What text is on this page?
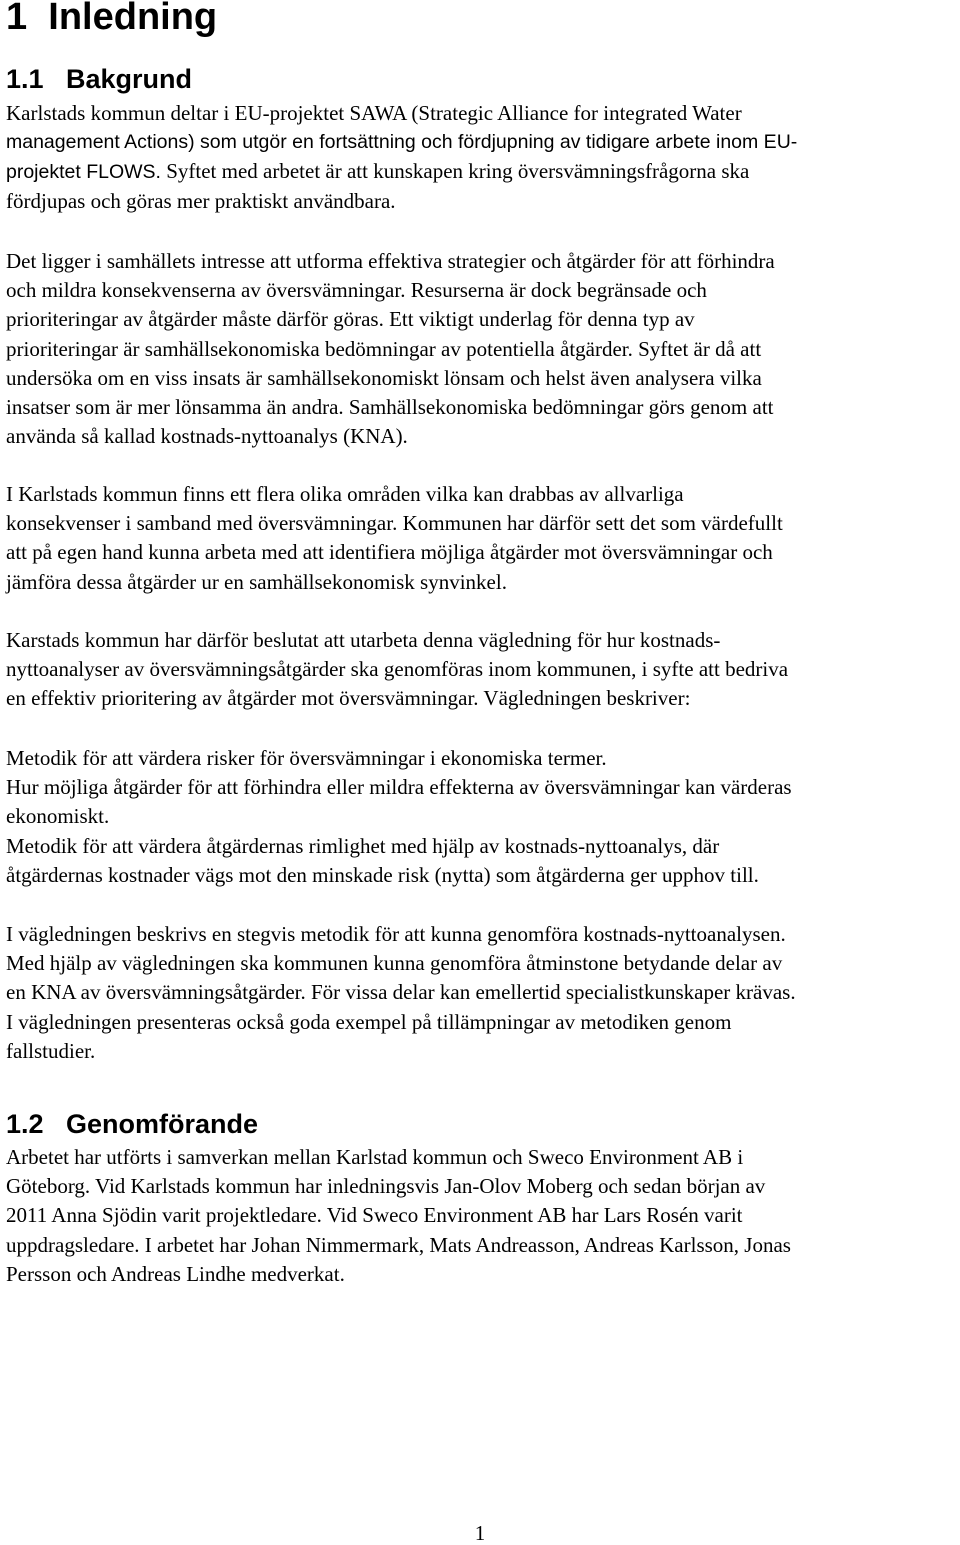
1 Inledning
1.1 Bakgrund
Karlstads kommun deltar i EU-projektet SAWA (Strategic Alliance for integrated Water
management Actions) som utgör en fortsättning och fördjupning av tidigare arbete inom EU-
projektet FLOWS. Syftet med arbetet är att kunskapen kring översvämningsfrågorna ska
fördjupas och göras mer praktiskt användbara.
Det ligger i samhällets intresse att utforma effektiva strategier och åtgärder för att förhindra
och mildra konsekvenserna av översvämningar. Resurserna är dock begränsade och
prioriteringar av åtgärder måste därför göras. Ett viktigt underlag för denna typ av
prioriteringar är samhällsekonomiska bedömningar av potentiella åtgärder. Syftet är då att
undersöka om en viss insats är samhällsekonomiskt lönsam och helst även analysera vilka
insatser som är mer lönsamma än andra. Samhällsekonomiska bedömningar görs genom att
använda så kallad kostnads-nyttoanalys (KNA).
I Karlstads kommun finns ett flera olika områden vilka kan drabbas av allvarliga
konsekvenser i samband med översvämningar. Kommunen har därför sett det som värdefullt
att på egen hand kunna arbeta med att identifiera möjliga åtgärder mot översvämningar och
jämföra dessa åtgärder ur en samhällsekonomisk synvinkel.
Karstads kommun har därför beslutat att utarbeta denna vägledning för hur kostnads-
nyttoanalyser av översvämningsåtgärder ska genomföras inom kommunen, i syfte att bedriva
en effektiv prioritering av åtgärder mot översvämningar. Vägledningen beskriver:
Metodik för att värdera risker för översvämningar i ekonomiska termer.
Hur möjliga åtgärder för att förhindra eller mildra effekterna av översvämningar kan värderas
ekonomiskt.
Metodik för att värdera åtgärdernas rimlighet med hjälp av kostnads-nyttoanalys, där
åtgärdernas kostnader vägs mot den minskade risk (nytta) som åtgärderna ger upphov till.
I vägledningen beskrivs en stegvis metodik för att kunna genomföra kostnads-nyttoanalysen.
Med hjälp av vägledningen ska kommunen kunna genomföra åtminstone betydande delar av
en KNA av översvämningsåtgärder. För vissa delar kan emellertid specialistkunskaper krävas.
I vägledningen presenteras också goda exempel på tillämpningar av metodiken genom
fallstudier.
1.2 Genomförande
Arbetet har utförts i samverkan mellan Karlstad kommun och Sweco Environment AB i
Göteborg. Vid Karlstads kommun har inledningsvis Jan-Olov Moberg och sedan början av
2011 Anna Sjödin varit projektledare. Vid Sweco Environment AB har Lars Rosén varit
uppdragsledare. I arbetet har Johan Nimmermark, Mats Andreasson, Andreas Karlsson, Jonas
Persson och Andreas Lindhe medverkat.
1
